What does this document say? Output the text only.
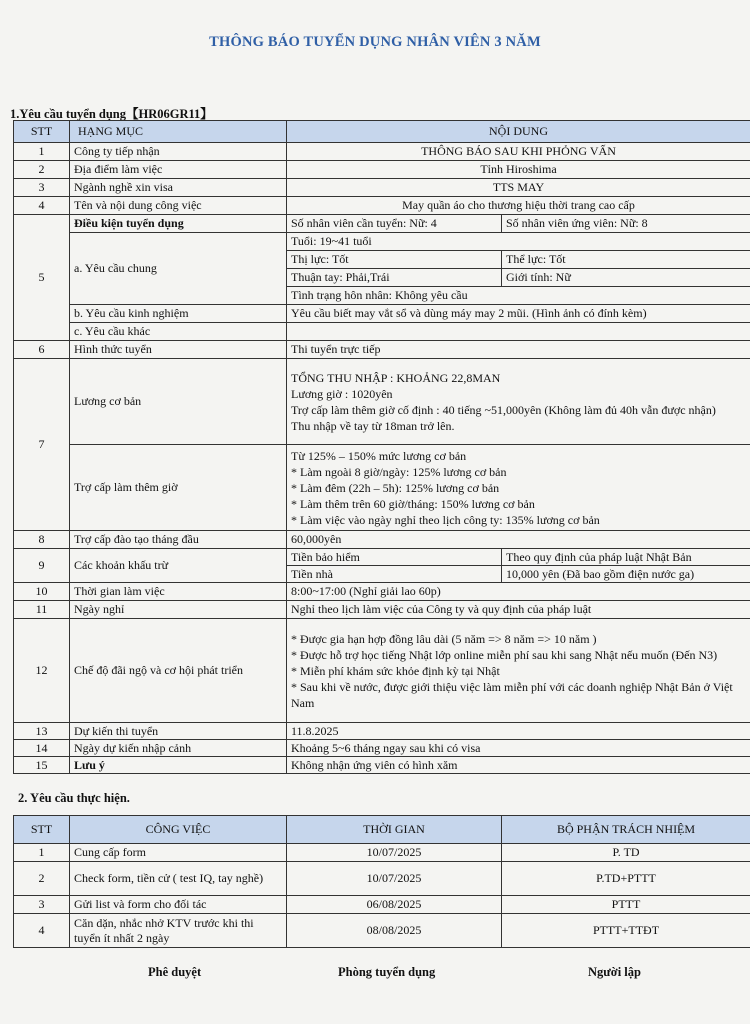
THÔNG BÁO TUYỂN DỤNG NHÂN VIÊN 3 NĂM
1.Yêu cầu tuyển dụng【HR06GR11】
STT	HẠNG MỤC	NỘI DUNG	
1	Công ty tiếp nhận	THÔNG BÁO SAU KHI PHỎNG VẤN	
2	Địa điểm làm việc	Tỉnh Hiroshima	
3	Ngành nghề xin visa	TTS MAY	
4	Tên và nội dung công việc	May quần áo cho thương hiệu thời trang cao cấp	
5	Điều kiện tuyển dụng	Số nhân viên cần tuyển: Nữ: 4	Số nhân viên ứng viên: Nữ: 8
	a. Yêu cầu chung	Tuổi: 19~41 tuổi	
		Thị lực: Tốt	Thể lực: Tốt
		Thuận tay: Phải,Trái	Giới tính: Nữ
		Tình trạng hôn nhân: Không yêu cầu	
	b. Yêu cầu kinh nghiệm	Yêu cầu biết may vắt sổ và dùng máy may 2 mũi. (Hình ảnh có đính kèm)	
	c. Yêu cầu khác		
6	Hình thức tuyển	Thi tuyển trực tiếp	
7	Lương cơ bản	TỔNG THU NHẬP : KHOẢNG 22,8MAN
Lương giờ : 1020yên
Trợ cấp làm thêm giờ cố định : 40 tiếng ~51,000yên (Không làm đủ 40h vẫn được nhận)
Thu nhập về tay từ 18man trở lên.	

	Trợ cấp làm thêm giờ	Từ 125% – 150% mức lương cơ bản
* Làm ngoài 8 giờ/ngày: 125% lương cơ bản
* Làm đêm (22h – 5h): 125% lương cơ bản
* Làm thêm trên 60 giờ/tháng: 150% lương cơ bản
* Làm việc vào ngày nghỉ theo lịch công ty: 135% lương cơ bản	

8	Trợ cấp đào tạo tháng đầu	60,000yên	
9	Các khoản khấu trừ	Tiền bảo hiểm	Theo quy định của pháp luật Nhật Bản
		Tiền nhà	10,000 yên (Đã bao gồm điện nước ga)
10	Thời gian làm việc	8:00~17:00 (Nghỉ giải lao 60p)	
11	Ngày nghỉ	Nghỉ theo lịch làm việc của Công ty và quy định của pháp luật	
12	Chế độ đãi ngộ và cơ hội phát triển	* Được gia hạn hợp đồng lâu dài (5 năm => 8 năm => 10 năm )
* Được hỗ trợ học tiếng Nhật lớp online miễn phí sau khi sang Nhật nếu muốn (Đến N3)
* Miễn phí khám sức khỏe định kỳ tại Nhật
* Sau khi về nước, được giới thiệu việc làm miễn phí với các doanh nghiệp Nhật Bản ở Việt Nam	

13	Dự kiến thi tuyển	11.8.2025	
14	Ngày dự kiến nhập cảnh	Khoảng 5~6 tháng ngay sau khi có visa	
15	Lưu ý	Không nhận ứng viên có hình xăm	
2. Yêu cầu thực hiện.
STT	CÔNG VIỆC	THỜI GIAN	BỘ PHẬN TRÁCH NHIỆM
1	Cung cấp form	10/07/2025	P. TD
2	Check form, tiền cử ( test IQ, tay nghề)	10/07/2025	P.TD+PTTT
3	Gửi list và form cho đối tác	06/08/2025	PTTT
4	Căn dặn, nhắc nhở KTV trước khi thi tuyển ít nhất 2 ngày	08/08/2025	PTTT+TTĐT
Phê duyệt	Phòng tuyển dụng	Người lập
